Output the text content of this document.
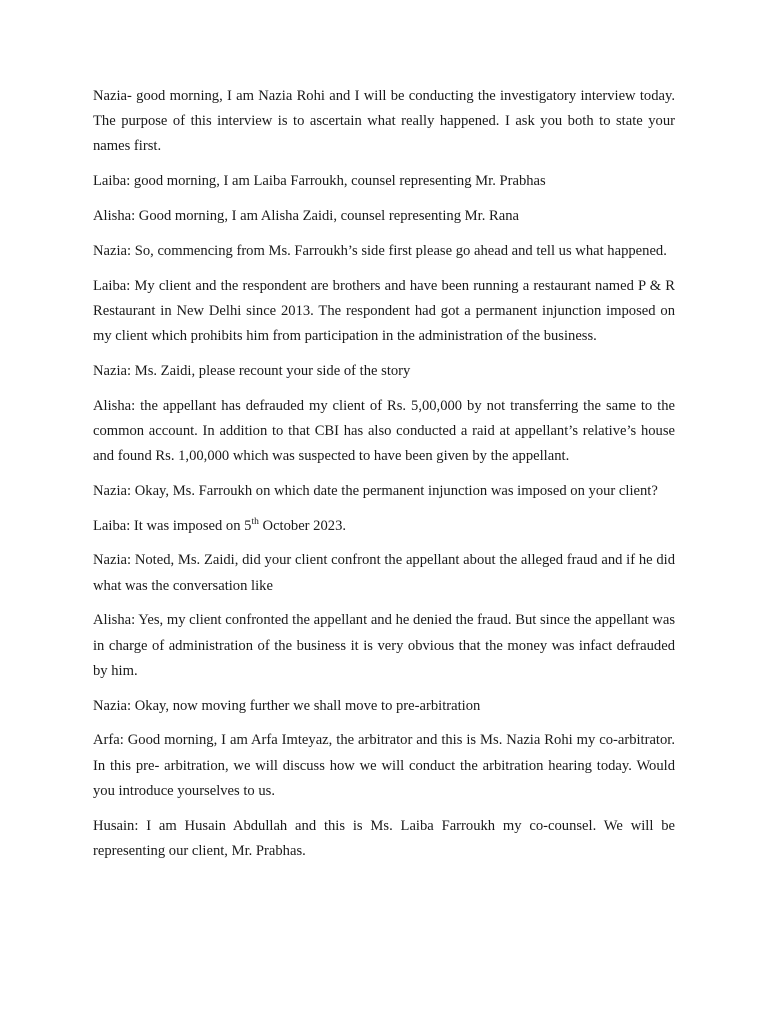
Nazia- good morning, I am Nazia Rohi and I will be conducting the investigatory interview today. The purpose of this interview is to ascertain what really happened. I ask you both to state your names first.

Laiba: good morning, I am Laiba Farroukh, counsel representing Mr. Prabhas

Alisha: Good morning, I am Alisha Zaidi, counsel representing Mr. Rana

Nazia: So, commencing from Ms. Farroukh’s side first please go ahead and tell us what happened.

Laiba: My client and the respondent are brothers and have been running a restaurant named P & R Restaurant in New Delhi since 2013. The respondent had got a permanent injunction imposed on my client which prohibits him from participation in the administration of the business.

Nazia: Ms. Zaidi, please recount your side of the story

Alisha: the appellant has defrauded my client of Rs. 5,00,000 by not transferring the same to the common account. In addition to that CBI has also conducted a raid at appellant’s relative’s house and found Rs. 1,00,000 which was suspected to have been given by the appellant.

Nazia: Okay, Ms. Farroukh on which date the permanent injunction was imposed on your client?

Laiba: It was imposed on 5th October 2023.

Nazia: Noted, Ms. Zaidi, did your client confront the appellant about the alleged fraud and if he did what was the conversation like

Alisha: Yes, my client confronted the appellant and he denied the fraud. But since the appellant was in charge of administration of the business it is very obvious that the money was infact defrauded by him.

Nazia: Okay, now moving further we shall move to pre-arbitration

Arfa: Good morning, I am Arfa Imteyaz, the arbitrator and this is Ms. Nazia Rohi my co-arbitrator. In this pre- arbitration, we will discuss how we will conduct the arbitration hearing today. Would you introduce yourselves to us.

Husain: I am Husain Abdullah and this is Ms. Laiba Farroukh my co-counsel. We will be representing our client, Mr. Prabhas.
